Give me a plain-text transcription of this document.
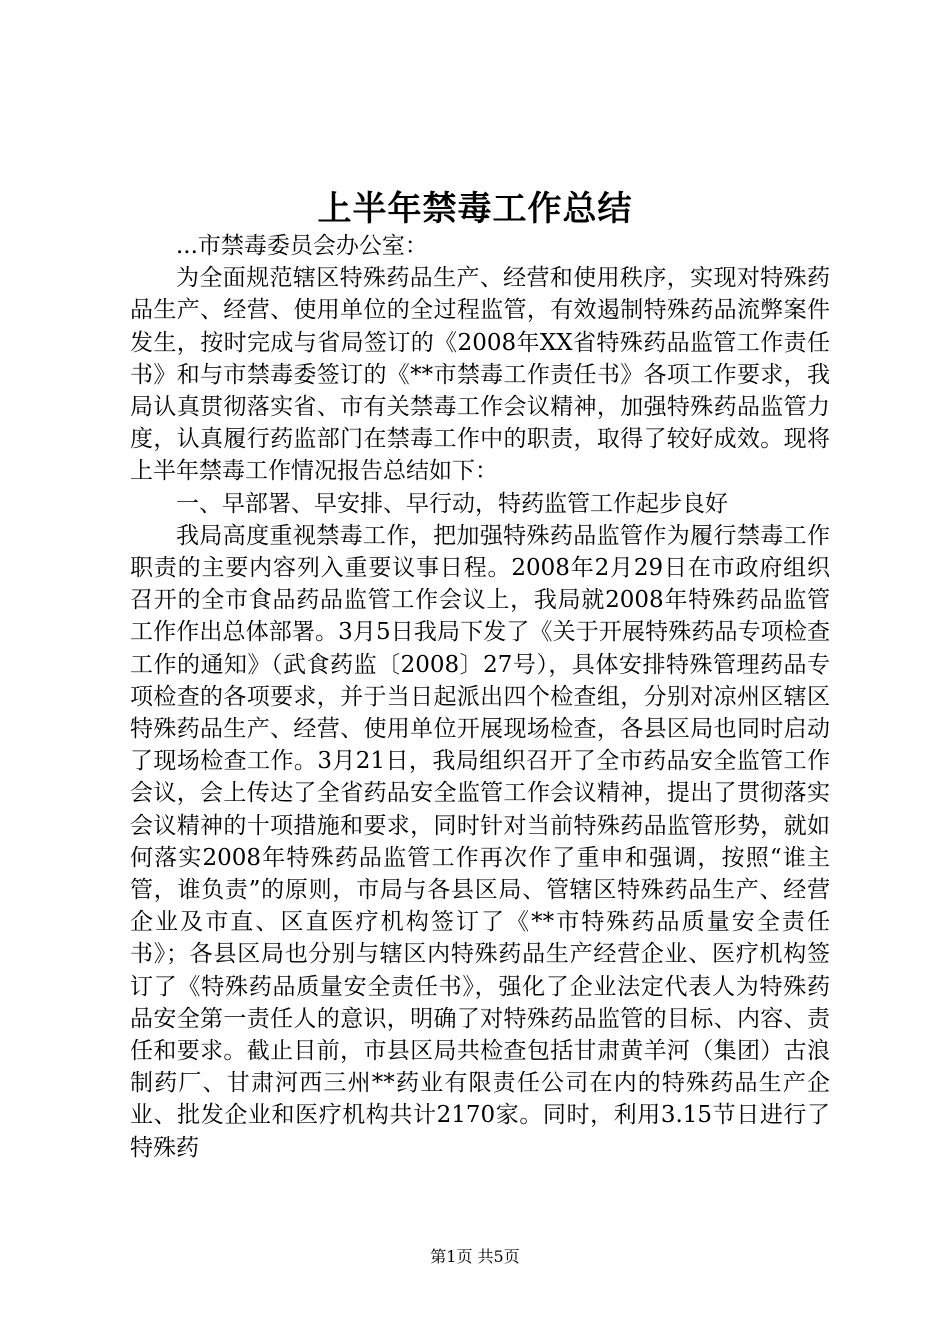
上半年禁毒工作总结

...市禁毒委员会办公室：

为全面规范辖区特殊药品生产、经营和使用秩序，实现对特殊药品生产、经营、使用单位的全过程监管，有效遏制特殊药品流弊案件发生，按时完成与省局签订的《2008年XX省特殊药品监管工作责任书》和与市禁毒委签订的《**市禁毒工作责任书》各项工作要求，我局认真贯彻落实省、市有关禁毒工作会议精神，加强特殊药品监管力度，认真履行药监部门在禁毒工作中的职责，取得了较好成效。现将上半年禁毒工作情况报告总结如下：

一、早部署、早安排、早行动，特药监管工作起步良好

我局高度重视禁毒工作，把加强特殊药品监管作为履行禁毒工作职责的主要内容列入重要议事日程。2008年2月29日在市政府组织召开的全市食品药品监管工作会议上，我局就2008年特殊药品监管工作作出总体部署。3月5日我局下发了《关于开展特殊药品专项检查工作的通知》（武食药监〔2008〕27号），具体安排特殊管理药品专项检查的各项要求，并于当日起派出四个检查组，分别对凉州区辖区特殊药品生产、经营、使用单位开展现场检查，各县区局也同时启动了现场检查工作。3月21日，我局组织召开了全市药品安全监管工作会议，会上传达了全省药品安全监管工作会议精神，提出了贯彻落实会议精神的十项措施和要求，同时针对当前特殊药品监管形势，就如何落实2008年特殊药品监管工作再次作了重申和强调，按照“谁主管，谁负责”的原则，市局与各县区局、管辖区特殊药品生产、经营企业及市直、区直医疗机构签订了《**市特殊药品质量安全责任书》；各县区局也分别与辖区内特殊药品生产经营企业、医疗机构签订了《特殊药品质量安全责任书》，强化了企业法定代表人为特殊药品安全第一责任人的意识，明确了对特殊药品监管的目标、内容、责任和要求。截止目前，市县区局共检查包括甘肃黄羊河（集团）古浪制药厂、甘肃河西三州**药业有限责任公司在内的特殊药品生产企业、批发企业和医疗机构共计2170家。同时，利用3.15节日进行了特殊药

第1页 共5页
